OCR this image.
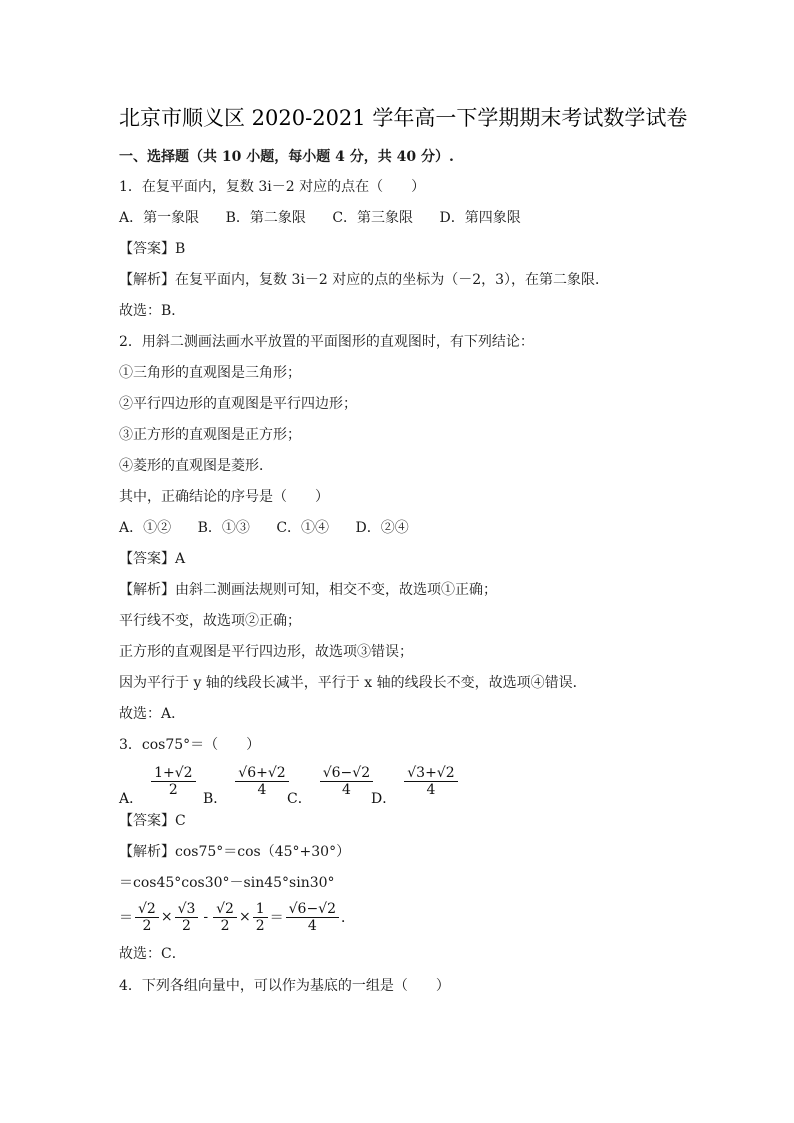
北京市顺义区 2020-2021 学年高一下学期期末考试数学试卷
一、选择题（共 10 小题，每小题 4 分，共 40 分）.
1．在复平面内，复数 3i－2 对应的点在（　　）
A．第一象限 B．第二象限 C．第三象限 D．第四象限
【答案】B
【解析】在复平面内，复数 3i－2 对应的点的坐标为（－2，3），在第二象限．
故选：B．
2．用斜二测画法画水平放置的平面图形的直观图时，有下列结论：
①三角形的直观图是三角形；
②平行四边形的直观图是平行四边形；
③正方形的直观图是正方形；
④菱形的直观图是菱形．
其中，正确结论的序号是（　　）
A．①② B．①③ C．①④ D．②④
【答案】A
【解析】由斜二测画法规则可知，相交不变，故选项①正确；
平行线不变，故选项②正确；
正方形的直观图是平行四边形，故选项③错误；
因为平行于 y 轴的线段长减半，平行于 x 轴的线段长不变，故选项④错误．
故选：A．
3．cos75°＝（　　）
A．
$\frac{1+√2}{2}$
B．
$\frac{√6+√2}{4}$
C．
$\frac{√6-√2}{4}$
D．
$\frac{√3+√2}{4}$
【答案】C
【解析】cos75°＝cos（45°+30°）
＝cos45°cos30°－sin45°sin30°
＝ $\frac{√2}{2} \times \frac{√3}{2} - \frac{√2}{2} \times \frac{1}{2} = \frac{√6-√2}{4}$ ．
故选：C．
4．下列各组向量中，可以作为基底的一组是（　　）
